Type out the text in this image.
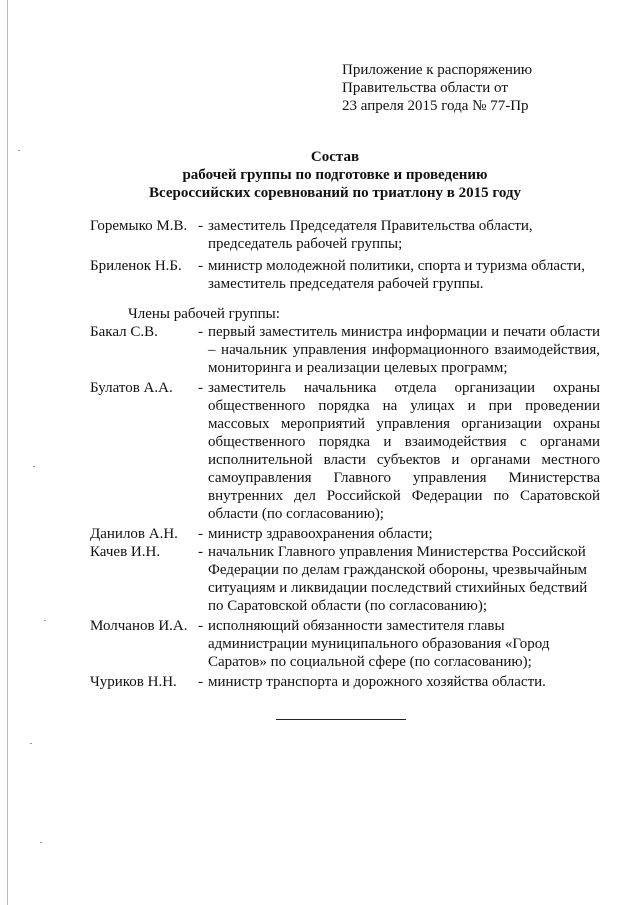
Приложение к распоряжению
Правительства области от
23 апреля 2015 года № 77-Пр
Состав
рабочей группы по подготовке и проведению
Всероссийских соревнований по триатлону в 2015 году
Горемыко М.В. - заместитель Председателя Правительства области, председатель рабочей группы;
Бриленок Н.Б.	- министр молодежной политики, спорта и туризма области, заместитель председателя рабочей группы.
Члены рабочей группы:
Бакал С.В.	- первый заместитель министра информации и печати области – начальник управления информационного взаимодействия, мониторинга и реализации целевых программ;
Булатов А.А.	- заместитель начальника отдела организации охраны общественного порядка на улицах и при проведении массовых мероприятий управления организации охраны общественного порядка и взаимодействия с органами исполнительной власти субъектов и органами местного самоуправления Главного управления Министерства внутренних дел Российской Федерации по Саратовской области (по согласованию);
Данилов А.Н.	- министр здравоохранения области;
Качев И.Н.	- начальник Главного управления Министерства Российской Федерации по делам гражданской обороны, чрезвычайным ситуациям и ликвидации последствий стихийных бедствий по Саратовской области (по согласованию);
Молчанов И.А. - исполняющий обязанности заместителя главы администрации муниципального образования «Город Саратов» по социальной сфере (по согласованию);
Чуриков Н.Н.	- министр транспорта и дорожного хозяйства области.
